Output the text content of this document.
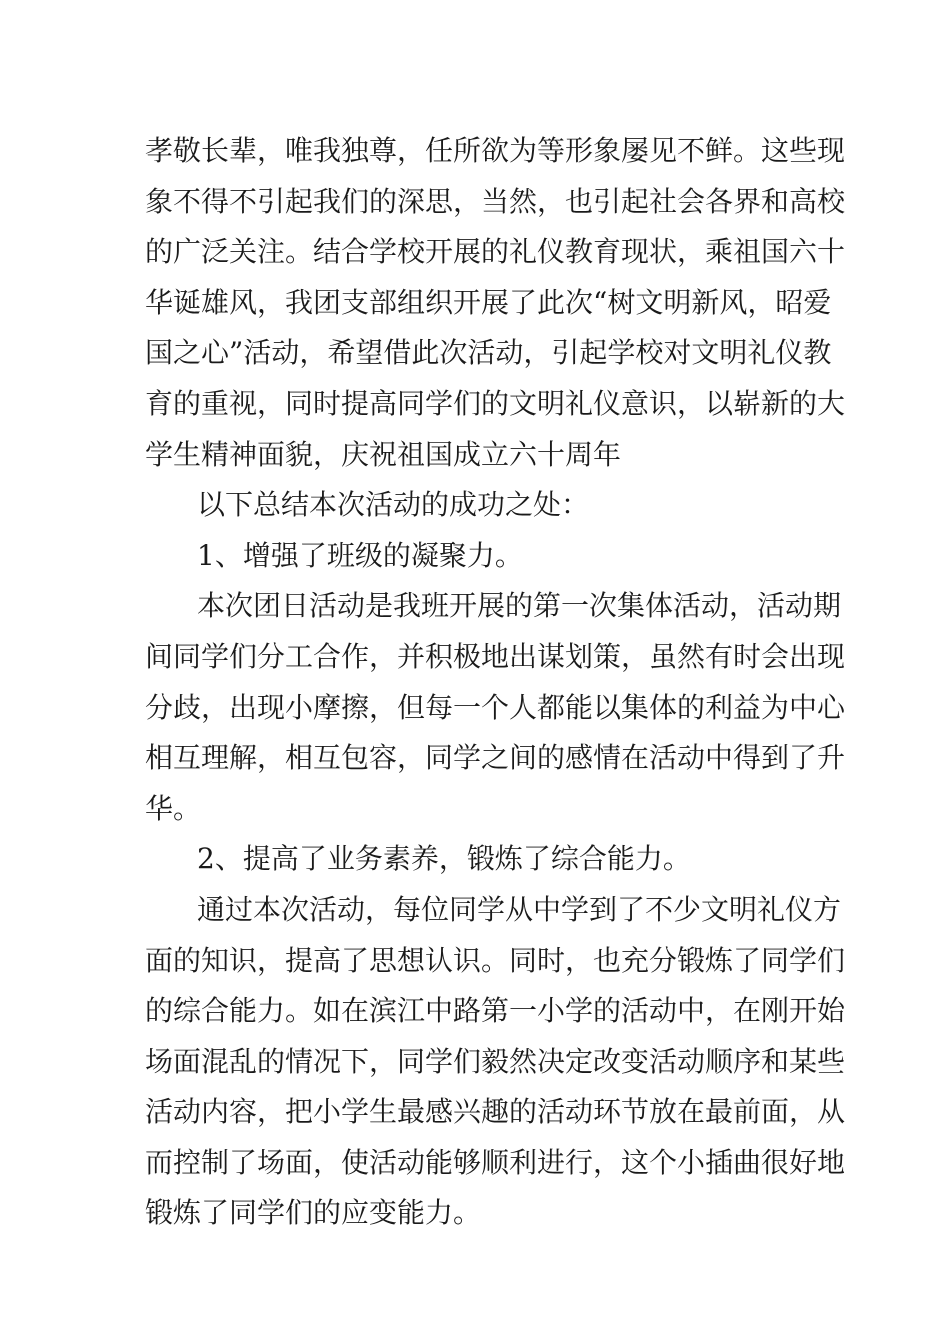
孝敬长辈，唯我独尊，任所欲为等形象屡见不鲜。这些现
象不得不引起我们的深思，当然，也引起社会各界和高校
的广泛关注。结合学校开展的礼仪教育现状，乘祖国六十
华诞雄风，我团支部组织开展了此次“树文明新风，昭爱
国之心”活动，希望借此次活动，引起学校对文明礼仪教
育的重视，同时提高同学们的文明礼仪意识，以崭新的大
学生精神面貌，庆祝祖国成立六十周年
以下总结本次活动的成功之处：
1、增强了班级的凝聚力。
本次团日活动是我班开展的第一次集体活动，活动期
间同学们分工合作，并积极地出谋划策，虽然有时会出现
分歧，出现小摩擦，但每一个人都能以集体的利益为中心
相互理解，相互包容，同学之间的感情在活动中得到了升
华。
2、提高了业务素养，锻炼了综合能力。
通过本次活动，每位同学从中学到了不少文明礼仪方
面的知识，提高了思想认识。同时，也充分锻炼了同学们
的综合能力。如在滨江中路第一小学的活动中，在刚开始
场面混乱的情况下，同学们毅然决定改变活动顺序和某些
活动内容，把小学生最感兴趣的活动环节放在最前面，从
而控制了场面，使活动能够顺利进行，这个小插曲很好地
锻炼了同学们的应变能力。
